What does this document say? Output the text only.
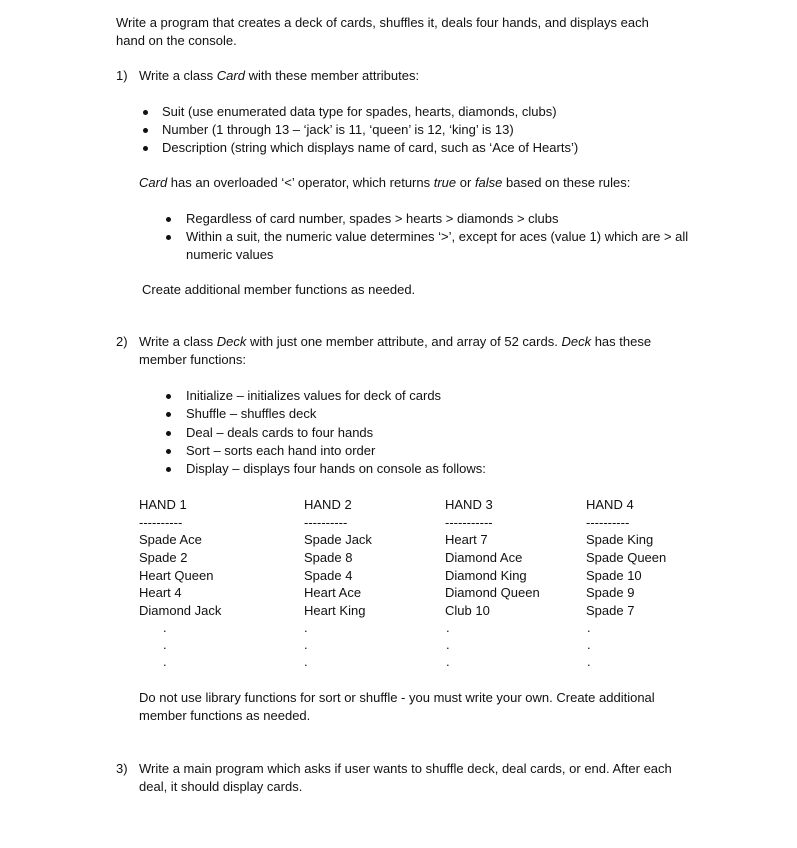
Write a program that creates a deck of cards, shuffles it, deals four hands, and displays each hand on the console.
1) Write a class Card with these member attributes:
Suit (use enumerated data type for spades, hearts, diamonds, clubs)
Number (1 through 13 – ‘jack’ is 11, ‘queen’ is 12, ‘king’ is 13)
Description (string which displays name of card, such as ‘Ace of Hearts’)
Card has an overloaded ‘<’ operator, which returns true or false based on these rules:
Regardless of card number, spades > hearts > diamonds > clubs
Within a suit, the numeric value determines ‘>’, except for aces (value 1) which are > all numeric values
Create additional member functions as needed.
2) Write a class Deck with just one member attribute, and array of 52 cards. Deck has these member functions:
Initialize – initializes values for deck of cards
Shuffle – shuffles deck
Deal – deals cards to four hands
Sort – sorts each hand into order
Display – displays four hands on console as follows:
HAND 1
----------
Spade Ace
Spade 2
Heart Queen
Heart 4
Diamond Jack
HAND 2
----------
Spade Jack
Spade 8
Spade 4
Heart Ace
Heart King
HAND 3
-----------
Heart 7
Diamond Ace
Diamond King
Diamond Queen
Club 10
HAND 4
----------
Spade King
Spade Queen
Spade 10
Spade 9
Spade 7
.
.
.
.
.
.
.
.
.
.
.
.
Do not use library functions for sort or shuffle - you must write your own. Create additional member functions as needed.
3) Write a main program which asks if user wants to shuffle deck, deal cards, or end. After each deal, it should display cards.
